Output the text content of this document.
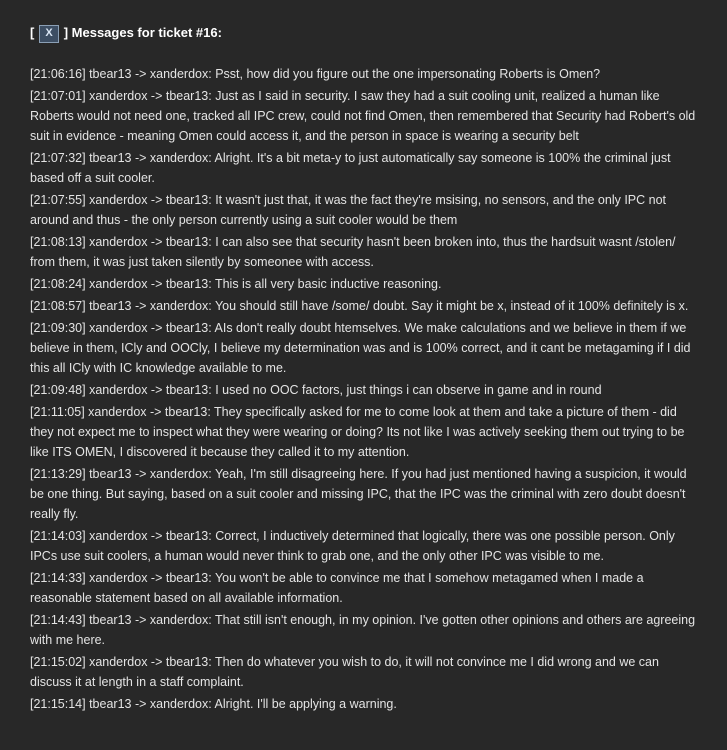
[ X ] Messages for ticket #16:
[21:06:16] tbear13 -> xanderdox: Psst, how did you figure out the one impersonating Roberts is Omen?
[21:07:01] xanderdox -> tbear13: Just as I said in security. I saw they had a suit cooling unit, realized a human like Roberts would not need one, tracked all IPC crew, could not find Omen, then remembered that Security had Robert's old suit in evidence - meaning Omen could access it, and the person in space is wearing a security belt
[21:07:32] tbear13 -> xanderdox: Alright. It's a bit meta-y to just automatically say someone is 100% the criminal just based off a suit cooler.
[21:07:55] xanderdox -> tbear13: It wasn't just that, it was the fact they're msising, no sensors, and the only IPC not around and thus - the only person currently using a suit cooler would be them
[21:08:13] xanderdox -> tbear13: I can also see that security hasn't been broken into, thus the hardsuit wasnt /stolen/ from them, it was just taken silently by someonee with access.
[21:08:24] xanderdox -> tbear13: This is all very basic inductive reasoning.
[21:08:57] tbear13 -> xanderdox: You should still have /some/ doubt. Say it might be x, instead of it 100% definitely is x.
[21:09:30] xanderdox -> tbear13: AIs don't really doubt htemselves. We make calculations and we believe in them if we believe in them, ICly and OOCly, I believe my determination was and is 100% correct, and it cant be metagaming if I did this all ICly with IC knowledge available to me.
[21:09:48] xanderdox -> tbear13: I used no OOC factors, just things i can observe in game and in round
[21:11:05] xanderdox -> tbear13: They specifically asked for me to come look at them and take a picture of them - did they not expect me to inspect what they were wearing or doing? Its not like I was actively seeking them out trying to be like ITS OMEN, I discovered it because they called it to my attention.
[21:13:29] tbear13 -> xanderdox: Yeah, I'm still disagreeing here. If you had just mentioned having a suspicion, it would be one thing. But saying, based on a suit cooler and missing IPC, that the IPC was the criminal with zero doubt doesn't really fly.
[21:14:03] xanderdox -> tbear13: Correct, I inductively determined that logically, there was one possible person. Only IPCs use suit coolers, a human would never think to grab one, and the only other IPC was visible to me.
[21:14:33] xanderdox -> tbear13: You won't be able to convince me that I somehow metagamed when I made a reasonable statement based on all available information.
[21:14:43] tbear13 -> xanderdox: That still isn't enough, in my opinion. I've gotten other opinions and others are agreeing with me here.
[21:15:02] xanderdox -> tbear13: Then do whatever you wish to do, it will not convince me I did wrong and we can discuss it at length in a staff complaint.
[21:15:14] tbear13 -> xanderdox: Alright. I'll be applying a warning.
